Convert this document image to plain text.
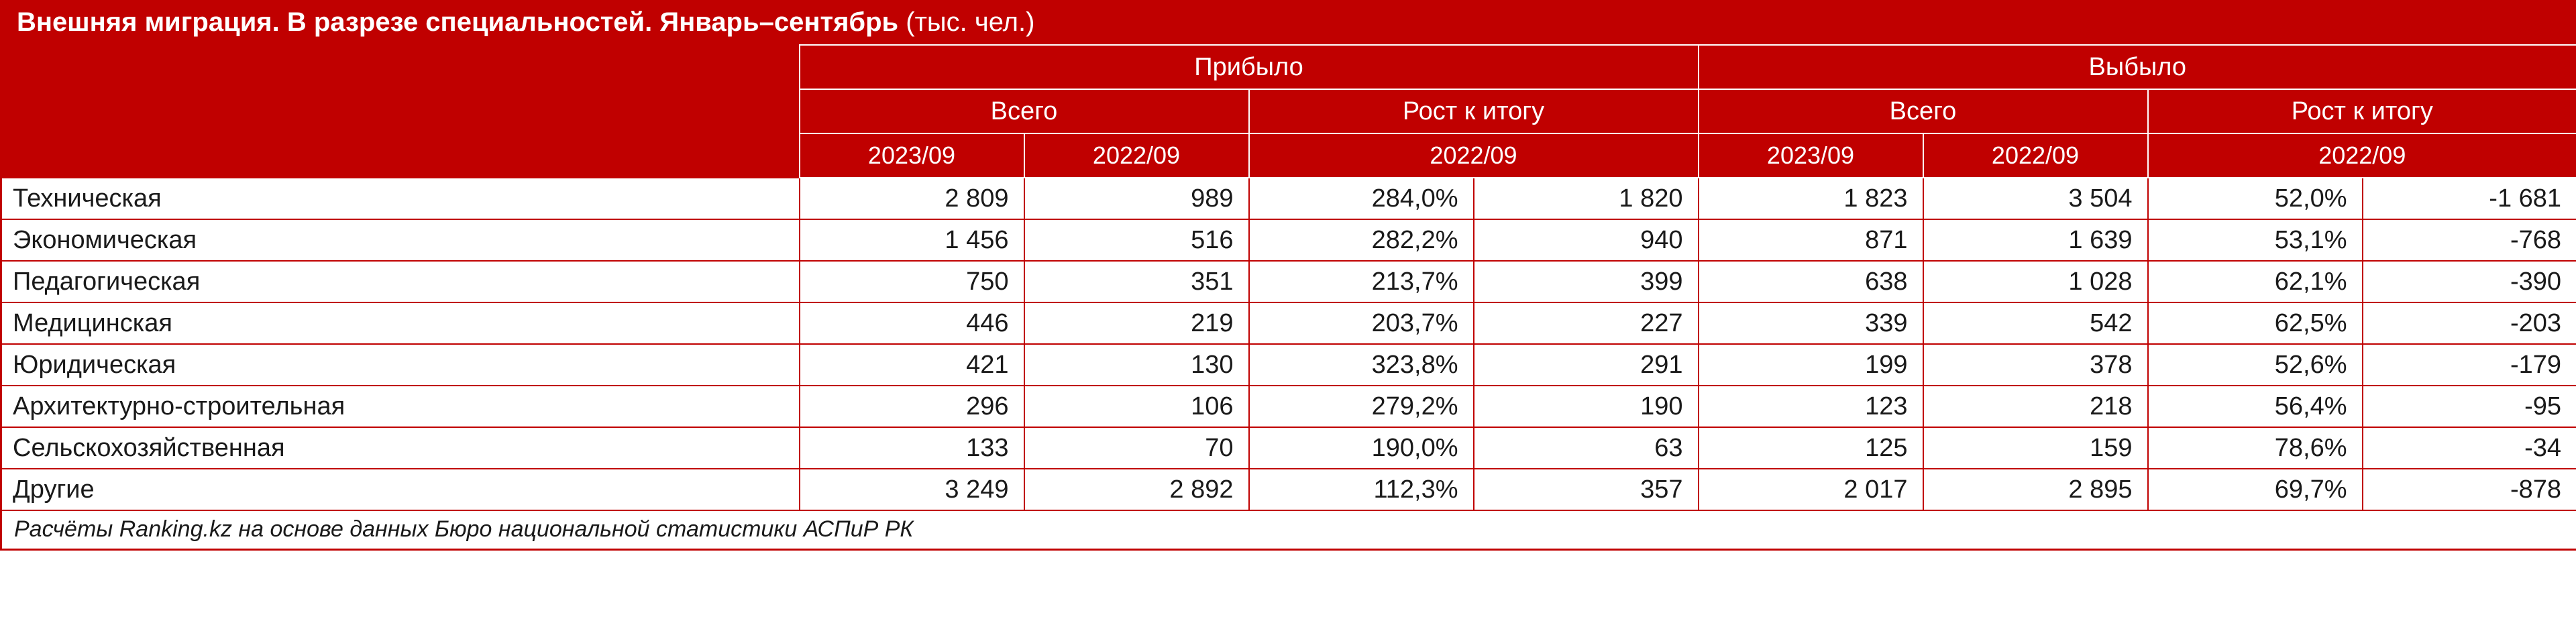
Внешняя миграция. В разрезе специальностей. Январь–сентябрь (тыс. чел.)								
	Прибыло				Выбыло			
	Всего		Рост к итогу		Всего		Рост к итогу	
	2023/09	2022/09	2022/09		2023/09	2022/09	2022/09	
Техническая	2 809	989	284,0%	1 820	1 823	3 504	52,0%	-1 681
Экономическая	1 456	516	282,2%	940	871	1 639	53,1%	-768
Педагогическая	750	351	213,7%	399	638	1 028	62,1%	-390
Медицинская	446	219	203,7%	227	339	542	62,5%	-203
Юридическая	421	130	323,8%	291	199	378	52,6%	-179
Архитектурно-строительная	296	106	279,2%	190	123	218	56,4%	-95
Сельскохозяйственная	133	70	190,0%	63	125	159	78,6%	-34
Другие	3 249	2 892	112,3%	357	2 017	2 895	69,7%	-878
Расчёты Ranking.kz на основе данных Бюро национальной статистики АСПиР РК								
